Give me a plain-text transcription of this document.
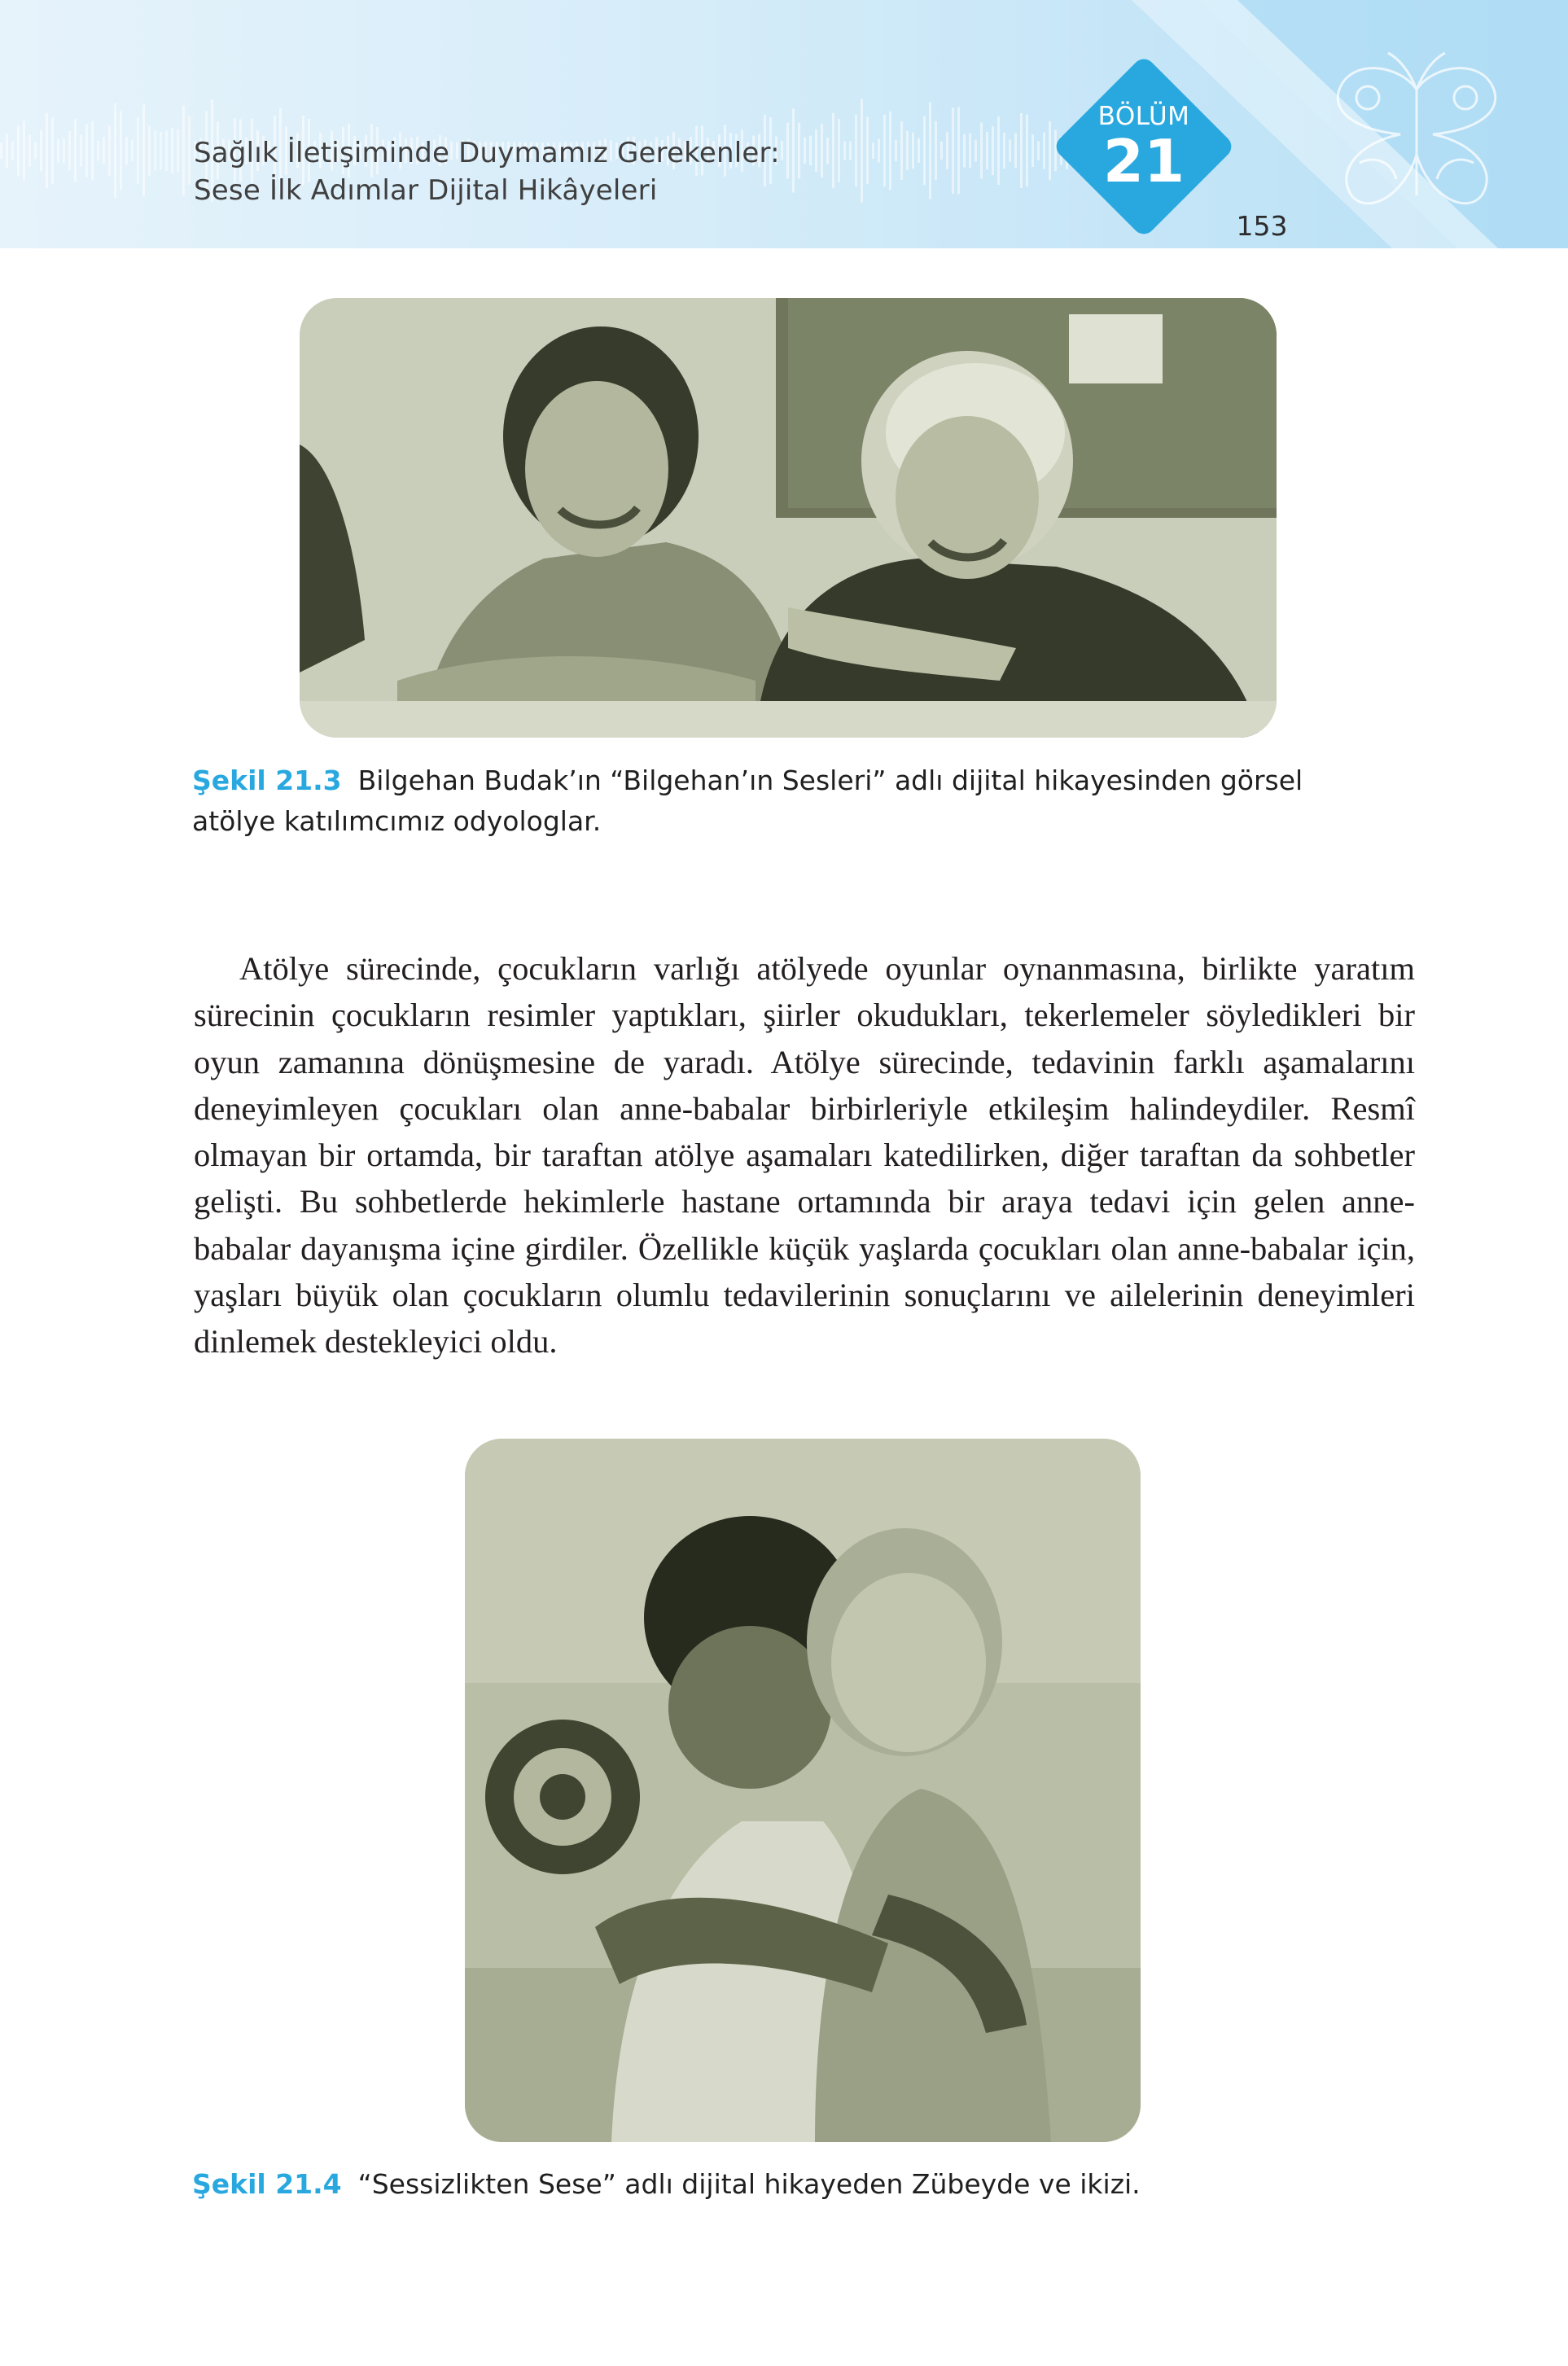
Sağlık İletişiminde Duymamız Gerekenler:
Sese İlk Adımlar Dijital Hikâyeleri
BÖLÜM
21
153
Şekil 21.3 Bilgehan Budak’ın “Bilgehan’ın Sesleri” adlı dijital hikayesinden görsel atölye katılımcımız odyologlar.

Atölye sürecinde, çocukların varlığı atölyede oyunlar oynanmasına, birlikte yaratım sürecinin çocukların resimler yaptıkları, şiirler okudukları, tekerlemeler söyledikleri bir oyun zamanına dönüşmesine de yaradı. Atölye sürecinde, tedavinin farklı aşamalarını deneyimleyen çocukları olan anne-babalar birbirleriyle etkileşim halindeydiler. Resmî olmayan bir ortamda, bir taraftan atölye aşamaları katedilirken, diğer taraftan da sohbetler gelişti. Bu sohbetlerde hekimlerle hastane ortamında bir araya tedavi için gelen anne-babalar dayanışma içine girdiler. Özellikle küçük yaşlarda çocukları olan anne-babalar için, yaşları büyük olan çocukların olumlu tedavilerinin sonuçlarını ve ailelerinin deneyimleri dinlemek destekleyici oldu.

Şekil 21.4 “Sessizlikten Sese” adlı dijital hikayeden Zübeyde ve ikizi.
